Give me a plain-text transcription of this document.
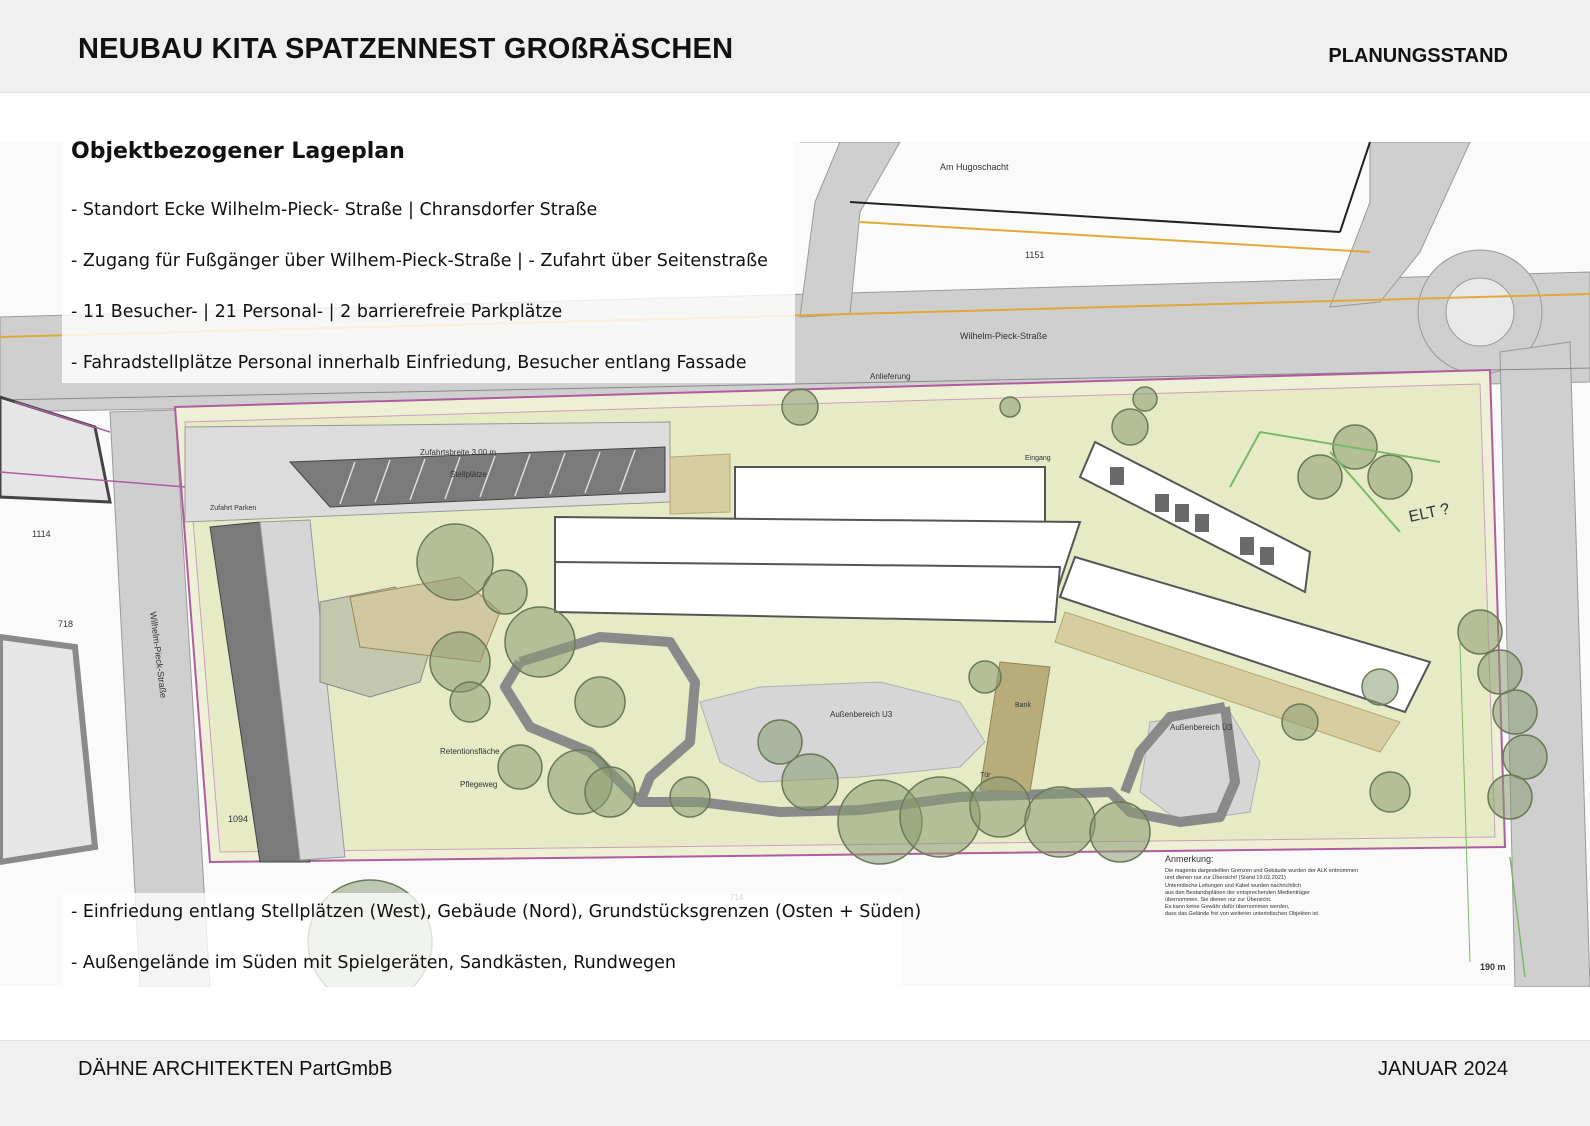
NEUBAU KITA SPATZENNEST GROßRÄSCHEN	PLANUNGSSTAND
ELT ?
Am Hugoschacht
Wilhelm-Pieck-Straße
Wilhelm-Pieck-Straße
1151
1114
718
1094
Zufahrtsbreite 3,00 m
Zufahrt Parken
Stellplätze
Anlieferung
Eingang
Außenbereich U3
Außenbereich Ü3
Retentionsfläche
Pflegeweg
Bank
Tür
190 m
Anmerkung:
Die magenta dargestellten Grenzen und Gebäude wurden der ALK entnommen
und dienen nur zur Übersicht! (Stand 19.02.2021)
Unterirdische Leitungen und Kabel wurden nachrichtlich
aus den Bestandsplänen der entsprechenden Medienträger
übernommen. Sie dienen nur zur Übersicht.
Es kann keine Gewähr dafür übernommen werden,
dass das Gelände frei von weiteren unterirdischen Objekten ist.
Objektbezogener Lageplan
- Standort Ecke Wilhelm-Pieck- Straße | Chransdorfer Straße
- Zugang für Fußgänger über Wilhem-Pieck-Straße | - Zufahrt über Seitenstraße
- 11 Besucher- | 21 Personal- | 2 barrierefreie Parkplätze
- Fahradstellplätze Personal innerhalb Einfriedung, Besucher entlang Fassade
- Einfriedung entlang Stellplätzen (West), Gebäude (Nord), Grundstücksgrenzen (Osten + Süden)
- Außengelände im Süden mit Spielgeräten, Sandkästen, Rundwegen
DÄHNE ARCHITEKTEN PartGmbB	JANUAR 2024
